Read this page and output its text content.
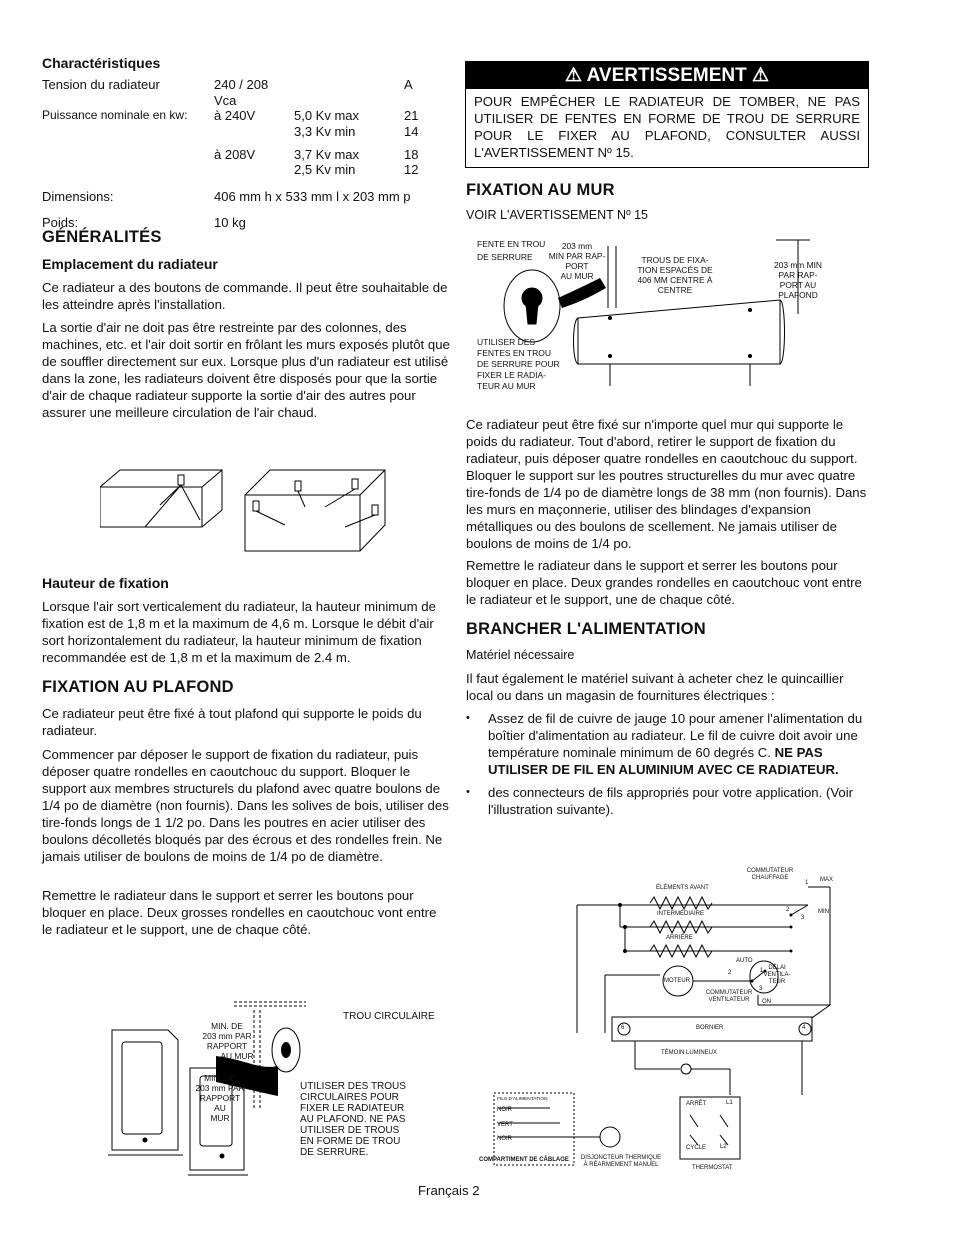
Charactéristiques
Tension du radiateur	240 / 208 Vca		A
Puissance nominale en kw:	à 240V	5,0 Kv max	21
		3,3 Kv min	14
	à 208V	3,7 Kv max	18
		2,5 Kv min	12
Dimensions:	406 mm h x 533 mm l x 203 mm p		
Poids:	10 kg		
GÉNÉRALITÉS
Emplacement du radiateur
Ce radiateur a des boutons de commande. Il peut être souhaitable de les atteindre après l'installation.
La sortie d'air ne doit pas être restreinte par des colonnes, des machines, etc. et l'air doit sortir en frôlant les murs exposés plutôt que de souffler directement sur eux. Lorsque plus d'un radiateur est utilisé dans la zone, les radiateurs doivent être disposés pour que la sortie d'air de chaque radiateur supporte la sortie d'air des autres pour assurer une meilleure circulation de l'air chaud.
Hauteur de fixation
Lorsque l'air sort verticalement du radiateur, la hauteur minimum de fixation est de 1,8 m et la maximum de 4,6 m. Lorsque le débit d'air sort horizontalement du radiateur, la hauteur minimum de fixation recommandée est de 1,8 m et la maximum de 2.4 m.
FIXATION AU PLAFOND
Ce radiateur peut être fixé à tout plafond qui supporte le poids du radiateur.
Commencer par déposer le support de fixation du radiateur, puis déposer quatre rondelles en caoutchouc du support. Bloquer le support aux membres structurels du plafond avec quatre boulons de 1/4 po de diamètre (non fournis). Dans les solives de bois, utiliser des tire-fonds longs de 1 1/2 po. Dans les poutres en acier utiliser des boulons décolletés bloqués par des écrous et des rondelles frein. Ne jamais utiliser de boulons de moins de 1/4 po de diamètre.
Remettre le radiateur dans le support et serrer les boutons pour bloquer en place. Deux grosses rondelles en caoutchouc vont entre le radiateur et le support, une de chaque côté.
MIN. DE
203 mm PAR
RAPPORT
AU MUR
MIN. DE
203 mm PAR
RAPPORT
AU
MUR
TROU CIRCULAIRE
UTILISER DES TROUS
CIRCULAIRES POUR
FIXER LE RADIATEUR
AU PLAFOND. NE PAS
UTILISER DE TROUS
EN FORME DE TROU
DE SERRURE.
⚠ AVERTISSEMENT ⚠
POUR EMPÊCHER LE RADIATEUR DE TOMBER, NE PAS UTILISER DE FENTES EN FORME DE TROU DE SERRURE POUR LE FIXER AU PLAFOND, CONSULTER AUSSI L'AVERTISSEMENT Nº 15.
FIXATION AU MUR
VOIR L'AVERTISSEMENT Nº 15
FENTE EN TROU
DE SERRURE
203 mm
MIN PAR RAP-
PORT
AU MUR
TROUS DE FIXA-
TION ESPACÉS DE
406 MM CENTRE À
CENTRE
203 mm MIN
PAR RAP-
PORT AU
PLAFOND
UTILISER DES
FENTES EN TROU
DE SERRURE POUR
FIXER LE RADIA-
TEUR AU MUR
Ce radiateur peut être fixé sur n'importe quel mur qui supporte le poids du radiateur. Tout d'abord, retirer le support de fixation du radiateur, puis déposer quatre rondelles en caoutchouc du support. Bloquer le support sur les poutres structurelles du mur avec quatre tire-fonds de 1/4 po de diamètre longs de 38 mm (non fournis). Dans les murs en maçonnerie, utiliser des blindages d'expansion métalliques ou des boulons de scellement. Ne jamais utiliser de boulons de moins de 1/4 po.
Remettre le radiateur dans le support et serrer les boutons pour bloquer en place. Deux grandes rondelles en caoutchouc vont entre le radiateur et le support, une de chaque côté.
BRANCHER L'ALIMENTATION
Matériel nécessaire
Il faut également le matériel suivant à acheter chez le quincaillier local ou dans un magasin de fournitures électriques :
• Assez de fil de cuivre de jauge 10 pour amener l'alimentation du boîtier d'alimentation au radiateur. Le fil de cuivre doit avoir une température nominale minimum de 60 degrés C. NE PAS UTILISER DE FIL EN ALUMINIUM AVEC CE RADIATEUR.
• des connecteurs de fils appropriés pour votre application. (Voir l'illustration suivante).
COMMUTATEUR
CHAUFFAGE	MAX
MIN
1
2
3
ÉLÉMENTS AVANT
INTERMÉDIAIRE
ARRIÈRE
AUTO
2	1
3
MOTEUR
DÉLAI
VENTILA-
TEUR
COMMUTATEUR
VENTILATEUR	ON
BORNIER
6	4
TÉMOIN LUMINEUX
FILS D'ALIMENTATION
NOIR
VERT
NOIR
COMPARTIMENT DE CÂBLAGE DISJONCTEUR THERMIQUE
À RÉARMEMENT MANUEL
ARRÊT	L1
CYCLE L2
THERMOSTAT
Français 2
